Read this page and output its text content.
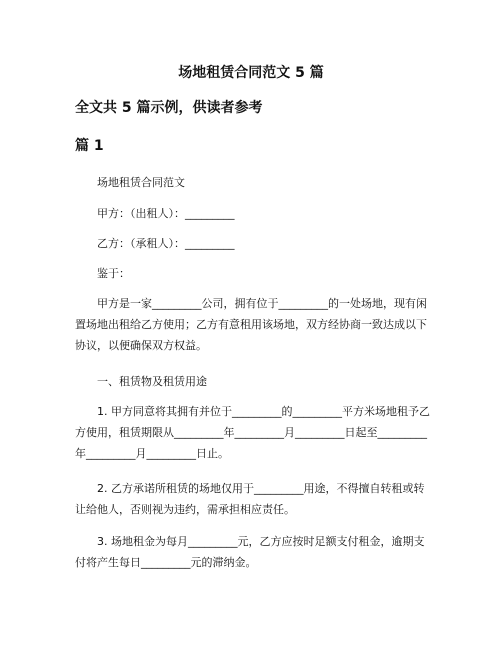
场地租赁合同范文 5 篇
全文共 5 篇示例，供读者参考
篇 1

场地租赁合同范文

甲方：（出租人）：_________

乙方：（承租人）：_________

鉴于：

甲方是一家_________公司，拥有位于_________的一处场地，现有闲置场地出租给乙方使用；乙方有意租用该场地，双方经协商一致达成以下协议，以便确保双方权益。

一、租赁物及租赁用途

1. 甲方同意将其拥有并位于_________的_________平方米场地租予乙方使用，租赁期限从_________年_________月_________日起至_________年_________月_________日止。

2. 乙方承诺所租赁的场地仅用于_________用途，不得擅自转租或转让给他人，否则视为违约，需承担相应责任。

3. 场地租金为每月_________元，乙方应按时足额支付租金，逾期支付将产生每日_________元的滞纳金。
